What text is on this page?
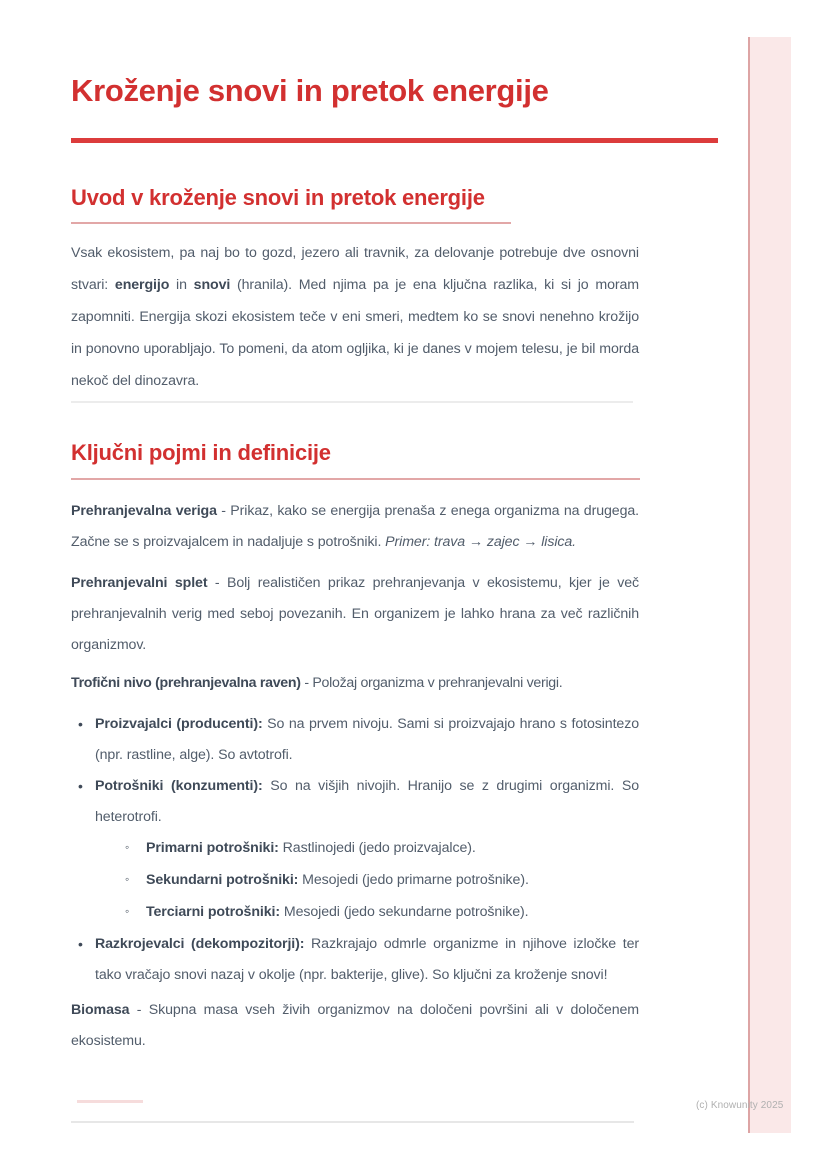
Kroženje snovi in pretok energije
Uvod v kroženje snovi in pretok energije

Vsak ekosistem, pa naj bo to gozd, jezero ali travnik, za delovanje potrebuje dve osnovni stvari: energijo in snovi (hranila). Med njima pa je ena ključna razlika, ki si jo moram zapomniti. Energija skozi ekosistem teče v eni smeri, medtem ko se snovi nenehno krožijo in ponovno uporabljajo. To pomeni, da atom ogljika, ki je danes v mojem telesu, je bil morda nekoč del dinozavra.

Ključni pojmi in definicije

Prehranjevalna veriga - Prikaz, kako se energija prenaša z enega organizma na drugega. Začne se s proizvajalcem in nadaljuje s potrošniki. Primer: trava → zajec → lisica.

Prehranjevalni splet - Bolj realističen prikaz prehranjevanja v ekosistemu, kjer je več prehranjevalnih verig med seboj povezanih. En organizem je lahko hrana za več različnih organizmov.

Trofični nivo (prehranjevalna raven) - Položaj organizma v prehranjevalni verigi.

• Proizvajalci (producenti): So na prvem nivoju. Sami si proizvajajo hrano s fotosintezo (npr. rastline, alge). So avtotrofi.
• Potrošniki (konzumenti): So na višjih nivojih. Hranijo se z drugimi organizmi. So heterotrofi.
◦ Primarni potrošniki: Rastlinojedi (jedo proizvajalce).
◦ Sekundarni potrošniki: Mesojedi (jedo primarne potrošnike).
◦ Terciarni potrošniki: Mesojedi (jedo sekundarne potrošnike).
• Razkrojevalci (dekompozitorji): Razkrajajo odmrle organizme in njihove izločke ter tako vračajo snovi nazaj v okolje (npr. bakterije, glive). So ključni za kroženje snovi!

Biomasa - Skupna masa vseh živih organizmov na določeni površini ali v določenem ekosistemu.

(c) Knowunity 2025
